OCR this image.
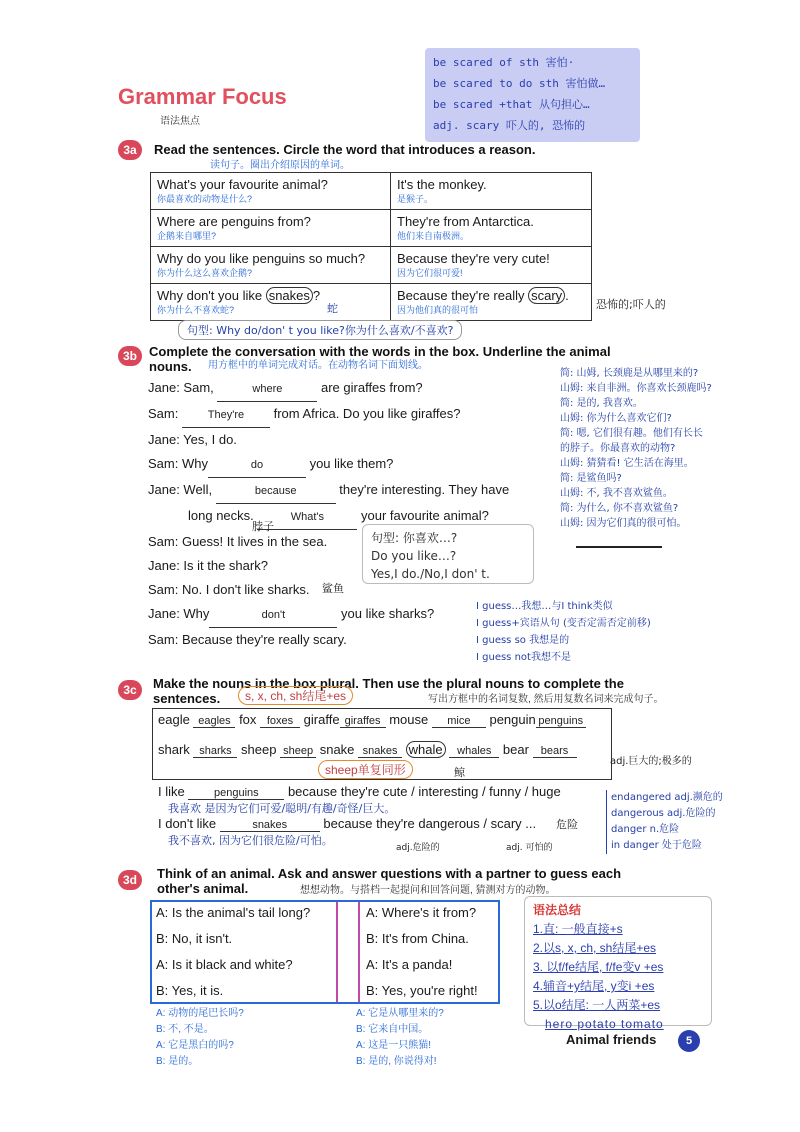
Grammar Focus
语法焦点
be scared of sth 害怕·
be scared to do sth 害怕做…
be scared +that 从句担心…
adj. scary 吓人的, 恐怖的
3a	Read the sentences. Circle the word that introduces a reason.
读句子。圈出介绍原因的单词。
What's your favourite animal?
你最喜欢的动物是什么?	It's the monkey.
是猴子。

Where are penguins from?
企鹅来自哪里?	They're from Antarctica.
他们来自南极洲。

Why do you like penguins so much?
你为什么这么喜欢企鹅?	Because they're very cute!
因为它们很可爱!

Why don't you like snakes ?
你为什么不喜欢蛇?	Because they're really scary .
因为他们真的很可怕
蛇	恐怖的;吓人的
句型: Why do/don' t you like?你为什么喜欢/不喜欢?
3b Complete the conversation with the words in the box. Underline the animal nouns.	用方框中的单词完成对话。在动物名词下面划线。
Jane: Sam,	where	are giraffes from?
Sam: They're from Africa. Do you like giraffes?
Jane: Yes, I do.
Sam: Why	do	you like them?
Jane: Well,	because	they're interesting. They have
long necks.	What's	your favourite animal?
Sam: Guess! It lives in the sea.
Jane: Is it the shark?
Sam: No. I don't like sharks.
Jane: Why	don't	you like sharks?
Sam: Because they're really scary.
脖子
鲨鱼
简: 山姆, 长颈鹿是从哪里来的?
山姆: 来自非洲。你喜欢长颈鹿吗?
简: 是的, 我喜欢。
山姆: 你为什么喜欢它们?
简: 嗯, 它们很有趣。他们有长长
的脖子。你最喜欢的动物?
山姆: 猜猜看! 它生活在海里。
简: 是鲨鱼吗?
山姆: 不, 我不喜欢鲨鱼。
简: 为什么, 你不喜欢鲨鱼?
山姆: 因为它们真的很可怕。
句型: 你喜欢…?
Do you like…?
Yes,I do./No,I don' t.
I guess…我想…与I think类似
I guess+宾语从句 (变否定需否定前移)
I guess so 我想是的
I guess not我想不是
3c	Make the nouns in the box plural. Then use the plural nouns to complete the sentences.	s, x, ch, sh结尾+es	写出方框中的名词复数, 然后用复数名词来完成句子。
eagle eagles fox foxes giraffe giraffes mouse mice penguin penguins
shark sharks sheep sheep snake snakes whale whales bear bears
sheep单复同形	鲸
adj.巨大的;极多的
I like penguins because they're cute / interesting / funny / huge
我喜欢 是因为它们可爱/聪明/有趣/奇怪/巨大。
I don't like	snakes	because they're dangerous / scary ... 危险
我不喜欢, 因为它们很危险/可怕。
adj.危险的	adj. 可怕的
endangered adj.濒危的
dangerous adj.危险的
danger n.危险
in danger 处于危险
3d	Think of an animal. Ask and answer questions with a partner to guess each other's animal.	想想动物。与搭档一起提问和回答问题, 猜测对方的动物。
A: Is the animal's tail long?
B: No, it isn't.
A: Is it black and white?
B: Yes, it is.
A: Where's it from?
B: It's from China.
A: It's a panda!
B: Yes, you're right!
A: 动物的尾巴长吗?
B: 不, 不是。
A: 它是黑白的吗?
B: 是的。
A: 它是从哪里来的?
B: 它来自中国。
A: 这是一只熊猫!
B: 是的, 你说得对!
语法总结
1.直: 一般直接+s
2.以s, x, ch, sh结尾+es
3. 以f/fe结尾, f/fe变v +es
4.辅音+y结尾, y变i +es
5.以o结尾: 一人两菜+es
hero potato tomato
Animal friends	5
